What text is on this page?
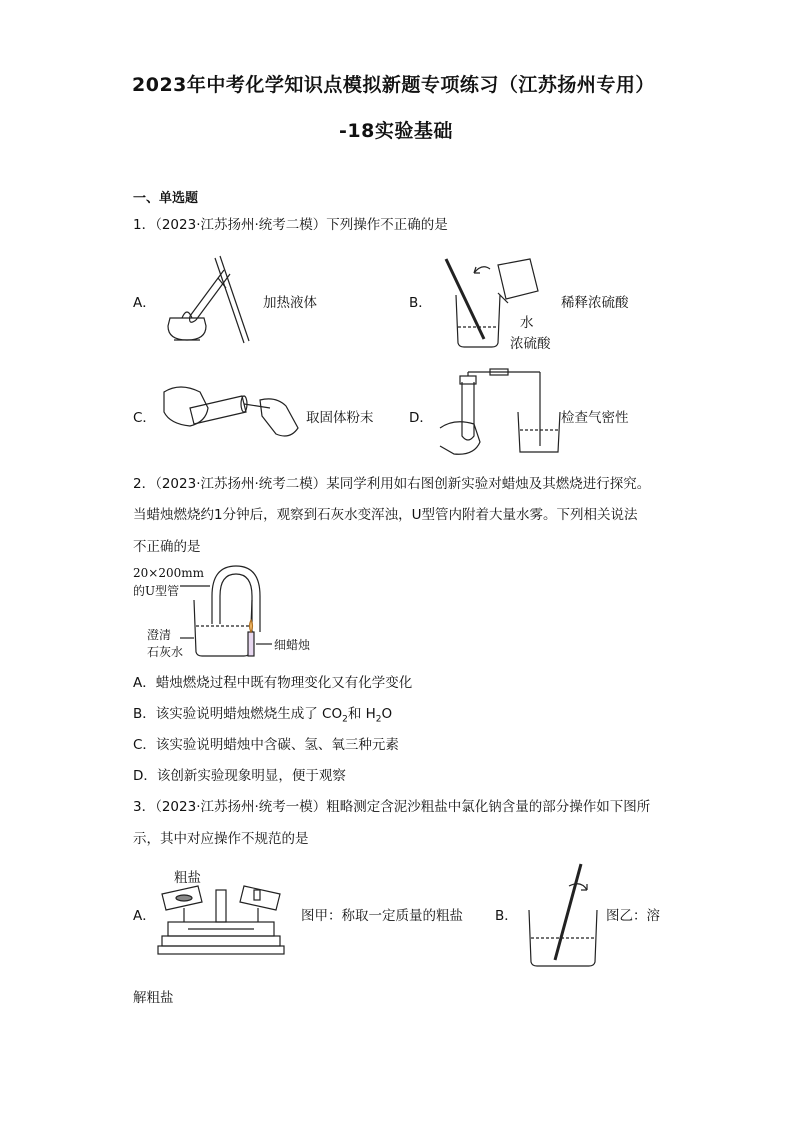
2023年中考化学知识点模拟新题专项练习（江苏扬州专用）
-18实验基础
一、单选题
1．（2023·江苏扬州·统考二模）下列操作不正确的是
A．	加热液体	B．	稀释浓硫酸
水
浓硫酸
C．	取固体粉末	D．	检查气密性
2．（2023·江苏扬州·统考二模）某同学利用如右图创新实验对蜡烛及其燃烧进行探究。
当蜡烛燃烧约1分钟后，观察到石灰水变浑浊，U型管内附着大量水雾。下列相关说法
不正确的是
20×200mm
的U型管
澄清
石灰水	细蜡烛
A．蜡烛燃烧过程中既有物理变化又有化学变化
B．该实验说明蜡烛燃烧生成了 $CO_2$和 $H_2O$
C．该实验说明蜡烛中含碳、氢、氧三种元素
D．该创新实验现象明显，便于观察
3．（2023·江苏扬州·统考一模）粗略测定含泥沙粗盐中氯化钠含量的部分操作如下图所
示，其中对应操作不规范的是
A．
粗盐
图甲：称取一定质量的粗盐 B．	图乙：溶
解粗盐
